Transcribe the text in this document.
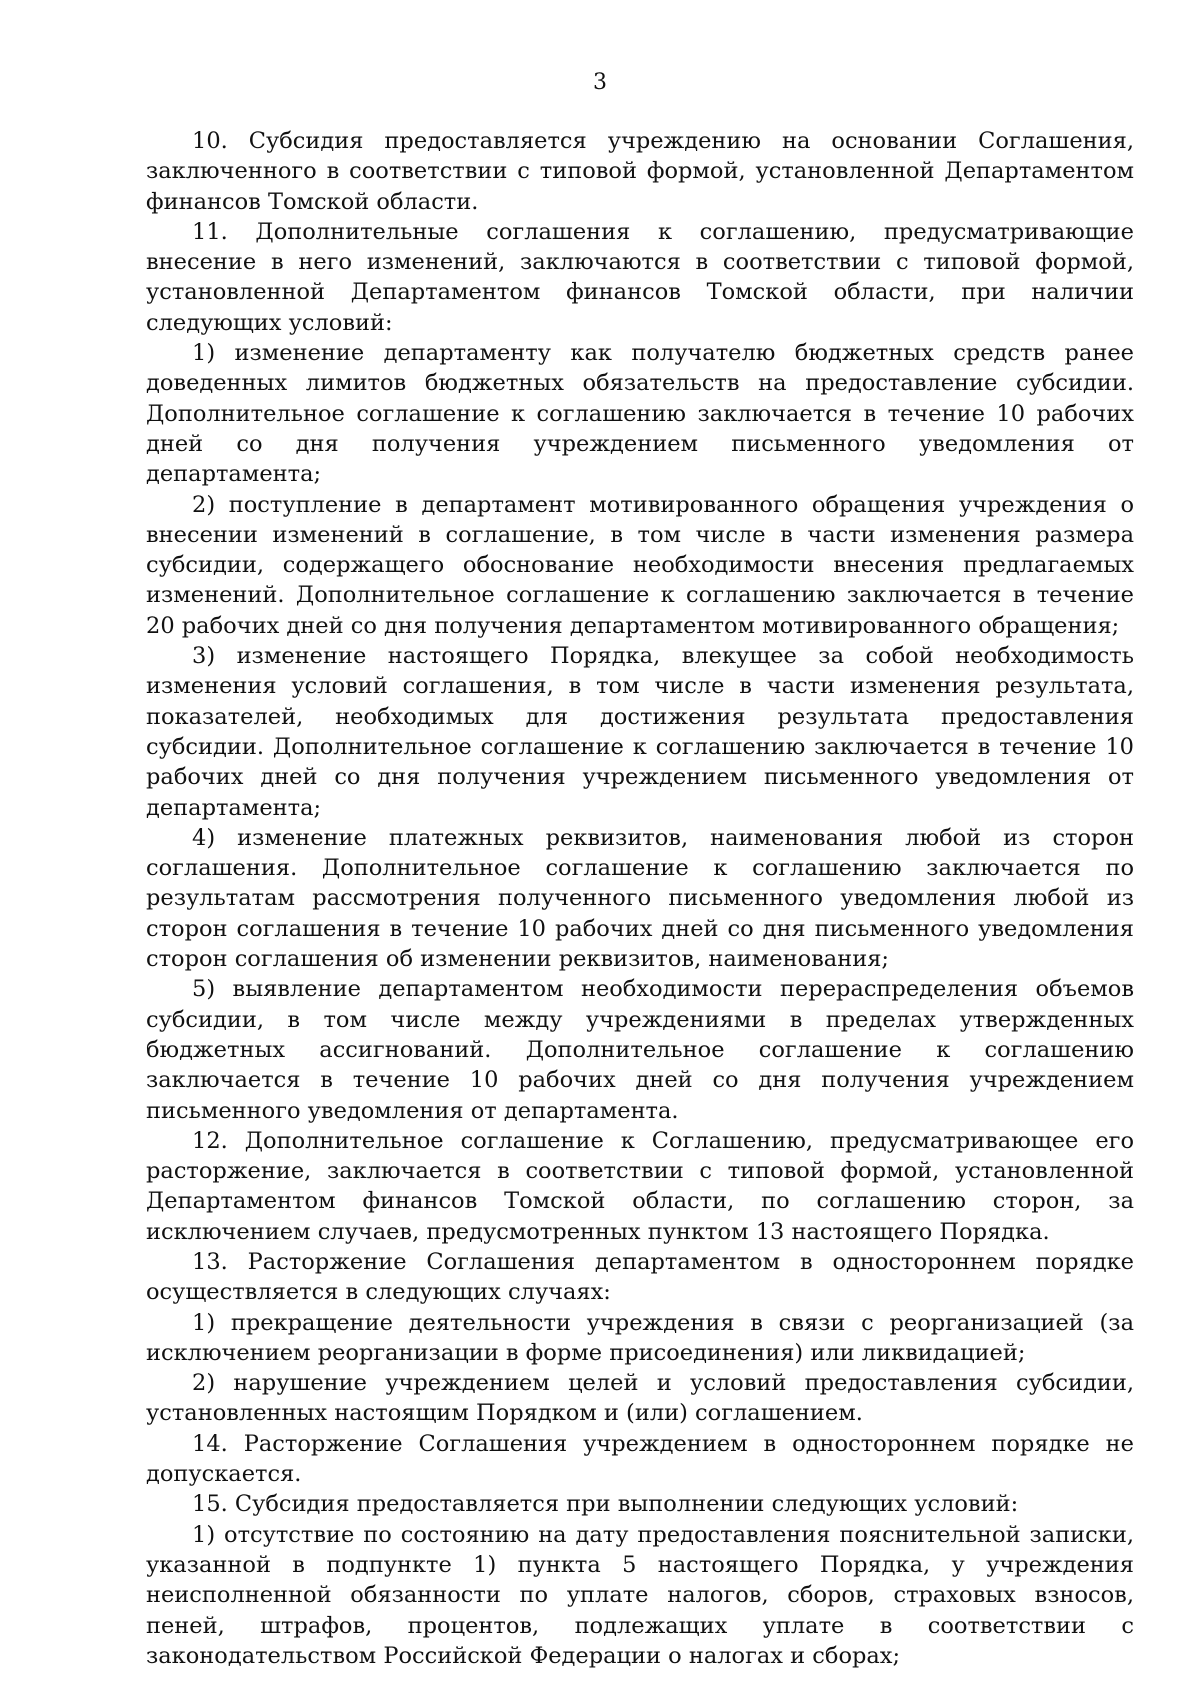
3

10. Субсидия предоставляется учреждению на основании Соглашения, заключенного в соответствии с типовой формой, установленной Департаментом финансов Томской области.

11. Дополнительные соглашения к соглашению, предусматривающие внесение в него изменений, заключаются в соответствии с типовой формой, установленной Департаментом финансов Томской области, при наличии следующих условий:

1) изменение департаменту как получателю бюджетных средств ранее доведенных лимитов бюджетных обязательств на предоставление субсидии. Дополнительное соглашение к соглашению заключается в течение 10 рабочих дней со дня получения учреждением письменного уведомления от департамента;

2) поступление в департамент мотивированного обращения учреждения о внесении изменений в соглашение, в том числе в части изменения размера субсидии, содержащего обоснование необходимости внесения предлагаемых изменений. Дополнительное соглашение к соглашению заключается в течение 20 рабочих дней со дня получения департаментом мотивированного обращения;

3) изменение настоящего Порядка, влекущее за собой необходимость изменения условий соглашения, в том числе в части изменения результата, показателей, необходимых для достижения результата предоставления субсидии. Дополнительное соглашение к соглашению заключается в течение 10 рабочих дней со дня получения учреждением письменного уведомления от департамента;

4) изменение платежных реквизитов, наименования любой из сторон соглашения. Дополнительное соглашение к соглашению заключается по результатам рассмотрения полученного письменного уведомления любой из сторон соглашения в течение 10 рабочих дней со дня письменного уведомления сторон соглашения об изменении реквизитов, наименования;

5) выявление департаментом необходимости перераспределения объемов субсидии, в том числе между учреждениями в пределах утвержденных бюджетных ассигнований. Дополнительное соглашение к соглашению заключается в течение 10 рабочих дней со дня получения учреждением письменного уведомления от департамента.

12. Дополнительное соглашение к Соглашению, предусматривающее его расторжение, заключается в соответствии с типовой формой, установленной Департаментом финансов Томской области, по соглашению сторон, за исключением случаев, предусмотренных пунктом 13 настоящего Порядка.

13. Расторжение Соглашения департаментом в одностороннем порядке осуществляется в следующих случаях:

1) прекращение деятельности учреждения в связи с реорганизацией (за исключением реорганизации в форме присоединения) или ликвидацией;

2) нарушение учреждением целей и условий предоставления субсидии, установленных настоящим Порядком и (или) соглашением.

14. Расторжение Соглашения учреждением в одностороннем порядке не допускается.

15. Субсидия предоставляется при выполнении следующих условий:

1) отсутствие по состоянию на дату предоставления пояснительной записки, указанной в подпункте 1) пункта 5 настоящего Порядка, у учреждения неисполненной обязанности по уплате налогов, сборов, страховых взносов, пеней, штрафов, процентов, подлежащих уплате в соответствии с законодательством Российской Федерации о налогах и сборах;
